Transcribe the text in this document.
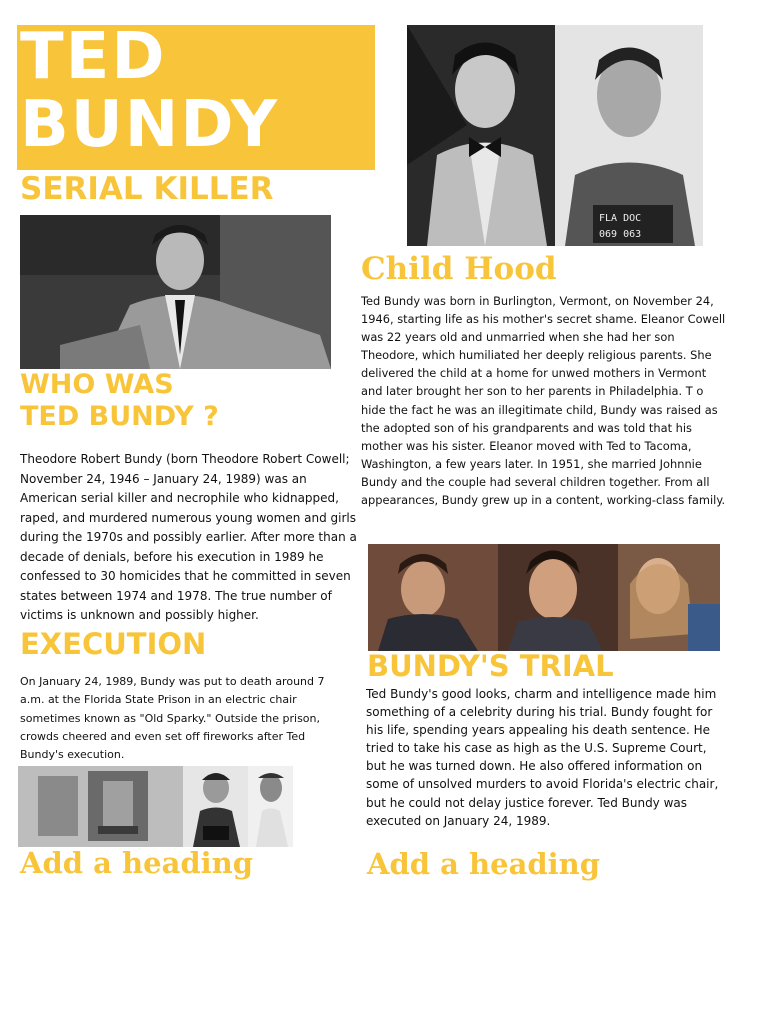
TED
BUNDY
SERIAL KILLER
WHO WAS
TED BUNDY ?
Theodore Robert Bundy (born Theodore Robert Cowell; November 24, 1946 – January 24, 1989) was an American serial killer and necrophile who kidnapped, raped, and murdered numerous young women and girls during the 1970s and possibly earlier. After more than a decade of denials, before his execution in 1989 he confessed to 30 homicides that he committed in seven states between 1974 and 1978. The true number of victims is unknown and possibly higher.
EXECUTION
On January 24, 1989, Bundy was put to death around 7 a.m. at the Florida State Prison in an electric chair sometimes known as "Old Sparky." Outside the prison, crowds cheered and even set off fireworks after Ted Bundy's execution.
Add a heading
FLA DOC
069 063
Child Hood
Ted Bundy was born in Burlington, Vermont, on November 24, 1946, starting life as his mother's secret shame. Eleanor Cowell was 22 years old and unmarried when she had her son Theodore, which humiliated her deeply religious parents. She delivered the child at a home for unwed mothers in Vermont and later brought her son to her parents in Philadelphia. T o hide the fact he was an illegitimate child, Bundy was raised as the adopted son of his grandparents and was told that his mother was his sister. Eleanor moved with Ted to Tacoma, Washington, a few years later. In 1951, she married Johnnie Bundy and the couple had several children together. From all appearances, Bundy grew up in a content, working-class family.
BUNDY'S TRIAL
Ted Bundy's good looks, charm and intelligence made him something of a celebrity during his trial. Bundy fought for his life, spending years appealing his death sentence. He tried to take his case as high as the U.S. Supreme Court, but he was turned down. He also offered information on some of unsolved murders to avoid Florida's electric chair, but he could not delay justice forever. Ted Bundy was executed on January 24, 1989.
Add a heading
